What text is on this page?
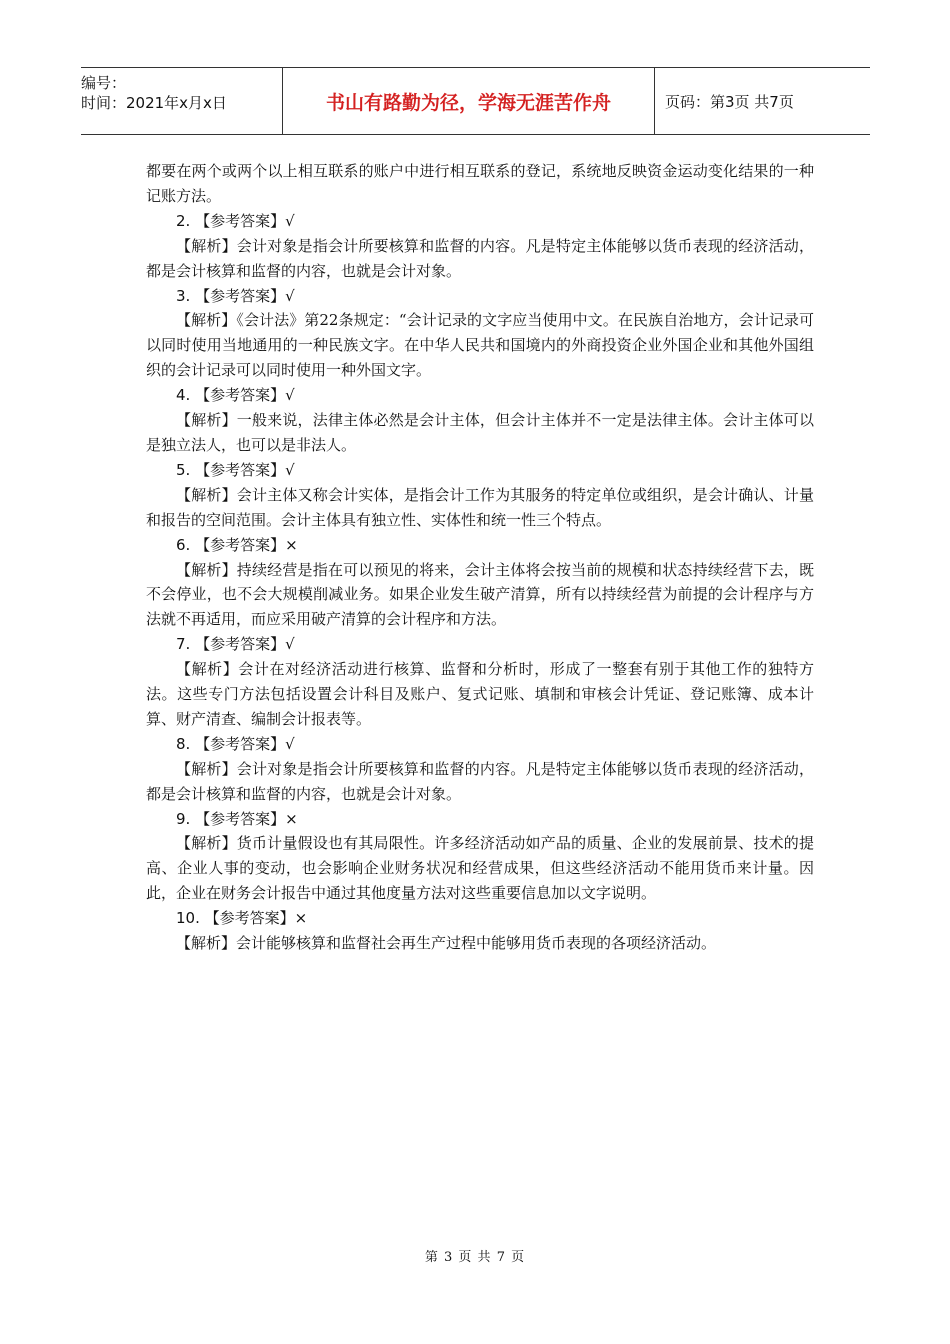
编号：
时间：2021年x月x日	书山有路勤为径，学海无涯苦作舟	页码：第3页 共7页

都要在两个或两个以上相互联系的账户中进行相互联系的登记，系统地反映资金运动变化结果的一种记账方法。

2. 【参考答案】√

【解析】会计对象是指会计所要核算和监督的内容。凡是特定主体能够以货币表现的经济活动，都是会计核算和监督的内容，也就是会计对象。

3. 【参考答案】√

【解析】《会计法》第22条规定：“会计记录的文字应当使用中文。在民族自治地方，会计记录可以同时使用当地通用的一种民族文字。在中华人民共和国境内的外商投资企业外国企业和其他外国组织的会计记录可以同时使用一种外国文字。

4. 【参考答案】√

【解析】一般来说，法律主体必然是会计主体，但会计主体并不一定是法律主体。会计主体可以是独立法人，也可以是非法人。

5. 【参考答案】√

【解析】会计主体又称会计实体，是指会计工作为其服务的特定单位或组织，是会计确认、计量和报告的空间范围。会计主体具有独立性、实体性和统一性三个特点。

6. 【参考答案】×

【解析】持续经营是指在可以预见的将来，会计主体将会按当前的规模和状态持续经营下去，既不会停业，也不会大规模削减业务。如果企业发生破产清算，所有以持续经营为前提的会计程序与方法就不再适用，而应采用破产清算的会计程序和方法。

7. 【参考答案】√

【解析】会计在对经济活动进行核算、监督和分析时，形成了一整套有别于其他工作的独特方法。这些专门方法包括设置会计科目及账户、复式记账、填制和审核会计凭证、登记账簿、成本计算、财产清查、编制会计报表等。

8. 【参考答案】√

【解析】会计对象是指会计所要核算和监督的内容。凡是特定主体能够以货币表现的经济活动，都是会计核算和监督的内容，也就是会计对象。

9. 【参考答案】×

【解析】货币计量假设也有其局限性。许多经济活动如产品的质量、企业的发展前景、技术的提高、企业人事的变动，也会影响企业财务状况和经营成果，但这些经济活动不能用货币来计量。因此，企业在财务会计报告中通过其他度量方法对这些重要信息加以文字说明。

10. 【参考答案】×

【解析】会计能够核算和监督社会再生产过程中能够用货币表现的各项经济活动。

第 3 页 共 7 页
